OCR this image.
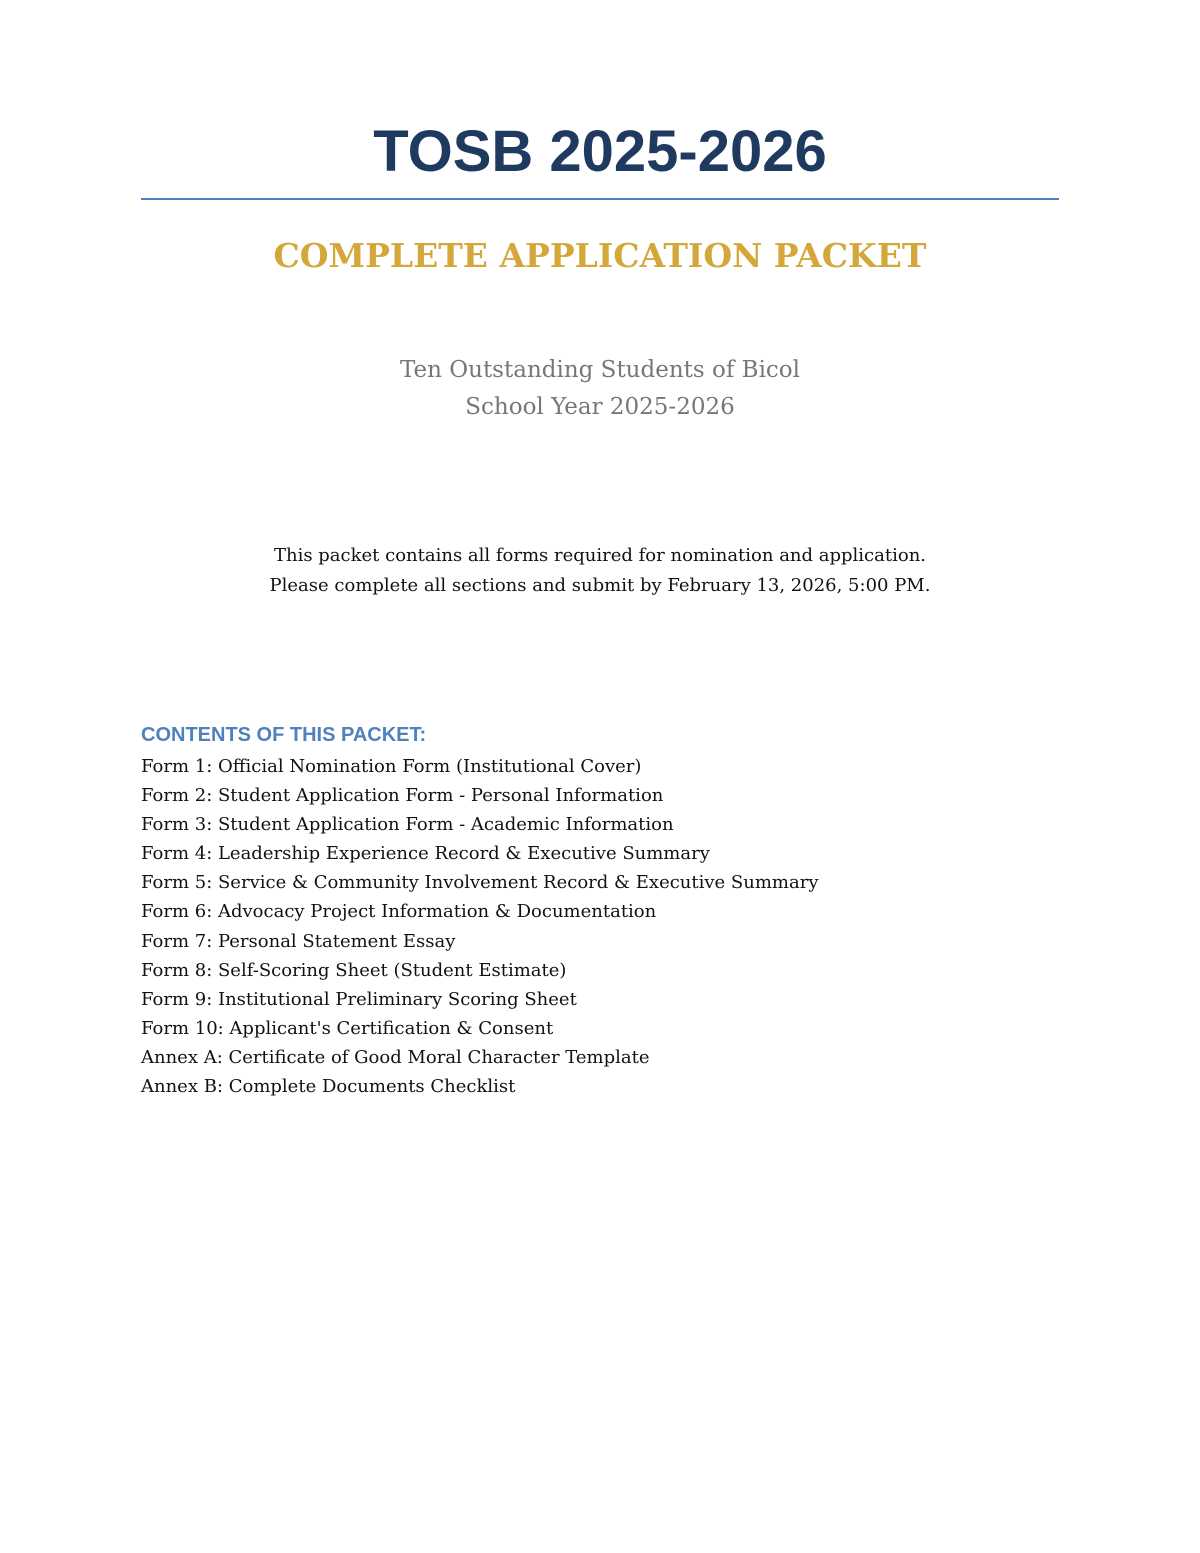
TOSB 2025-2026
COMPLETE APPLICATION PACKET
Ten Outstanding Students of Bicol
School Year 2025-2026
This packet contains all forms required for nomination and application.
Please complete all sections and submit by February 13, 2026, 5:00 PM.
CONTENTS OF THIS PACKET:
Form 1: Official Nomination Form (Institutional Cover)
Form 2: Student Application Form - Personal Information
Form 3: Student Application Form - Academic Information
Form 4: Leadership Experience Record & Executive Summary
Form 5: Service & Community Involvement Record & Executive Summary
Form 6: Advocacy Project Information & Documentation
Form 7: Personal Statement Essay
Form 8: Self-Scoring Sheet (Student Estimate)
Form 9: Institutional Preliminary Scoring Sheet
Form 10: Applicant's Certification & Consent
Annex A: Certificate of Good Moral Character Template
Annex B: Complete Documents Checklist
